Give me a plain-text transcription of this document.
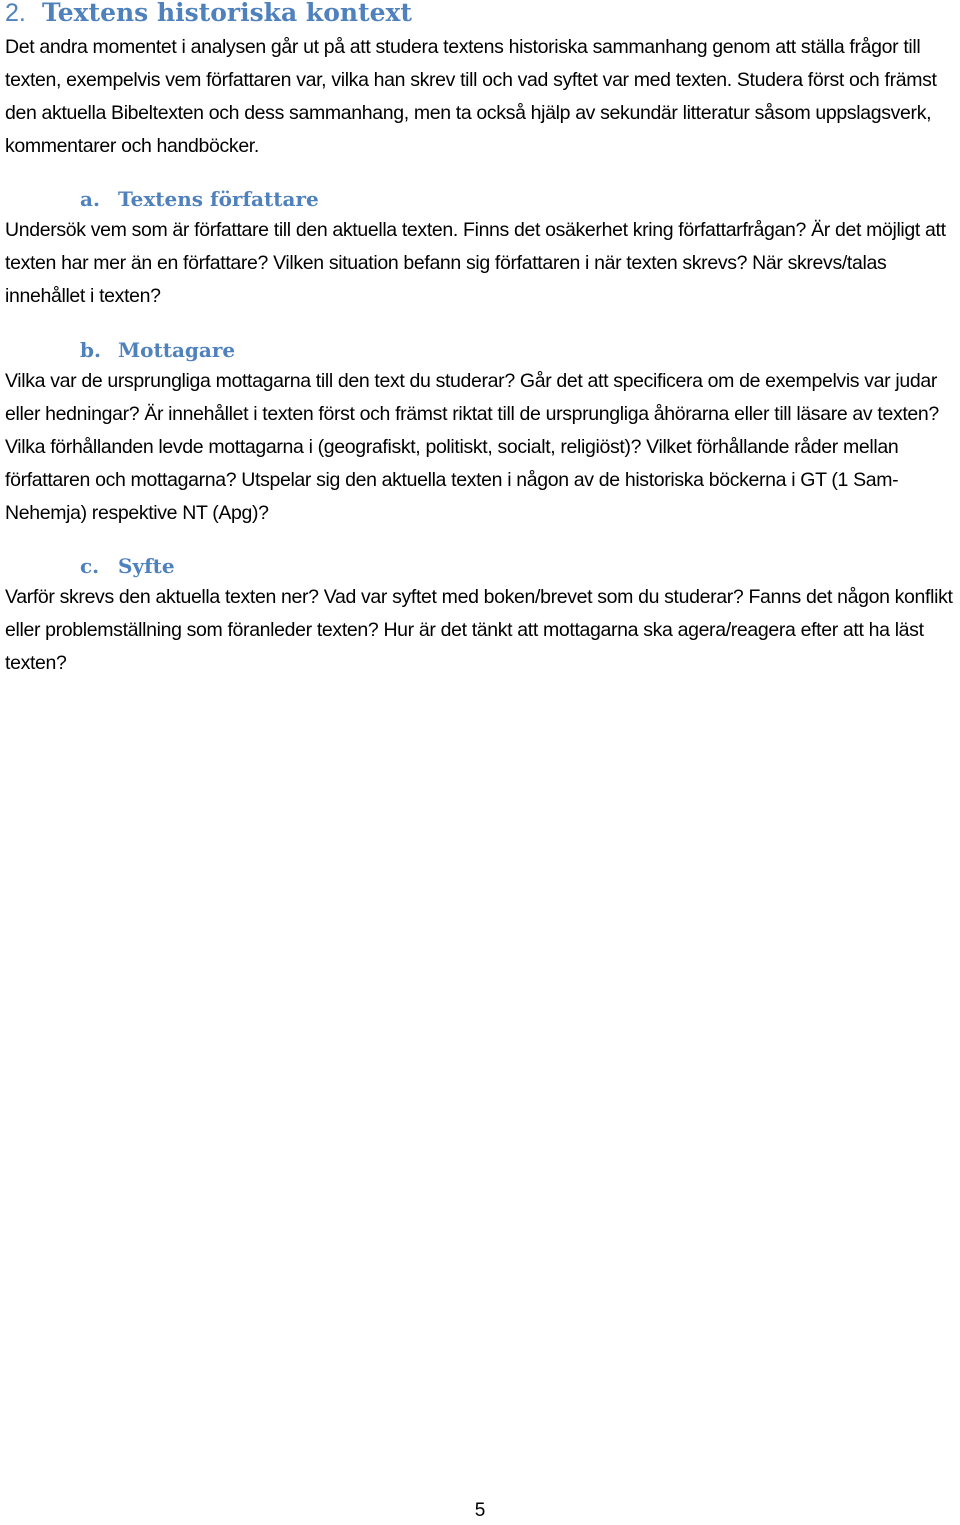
2. Textens historiska kontext

Det andra momentet i analysen går ut på att studera textens historiska sammanhang genom att ställa frågor till texten, exempelvis vem författaren var, vilka han skrev till och vad syftet var med texten. Studera först och främst den aktuella Bibeltexten och dess sammanhang, men ta också hjälp av sekundär litteratur såsom uppslagsverk, kommentarer och handböcker.

a. Textens författare

Undersök vem som är författare till den aktuella texten. Finns det osäkerhet kring författarfrågan? Är det möjligt att texten har mer än en författare? Vilken situation befann sig författaren i när texten skrevs? När skrevs/talas innehållet i texten?

b. Mottagare

Vilka var de ursprungliga mottagarna till den text du studerar? Går det att specificera om de exempelvis var judar eller hedningar? Är innehållet i texten först och främst riktat till de ursprungliga åhörarna eller till läsare av texten? Vilka förhållanden levde mottagarna i (geografiskt, politiskt, socialt, religiöst)? Vilket förhållande råder mellan författaren och mottagarna? Utspelar sig den aktuella texten i någon av de historiska böckerna i GT (1 Sam-Nehemja) respektive NT (Apg)?

c. Syfte

Varför skrevs den aktuella texten ner? Vad var syftet med boken/brevet som du studerar? Fanns det någon konflikt eller problemställning som föranleder texten? Hur är det tänkt att mottagarna ska agera/reagera efter att ha läst texten?

5
